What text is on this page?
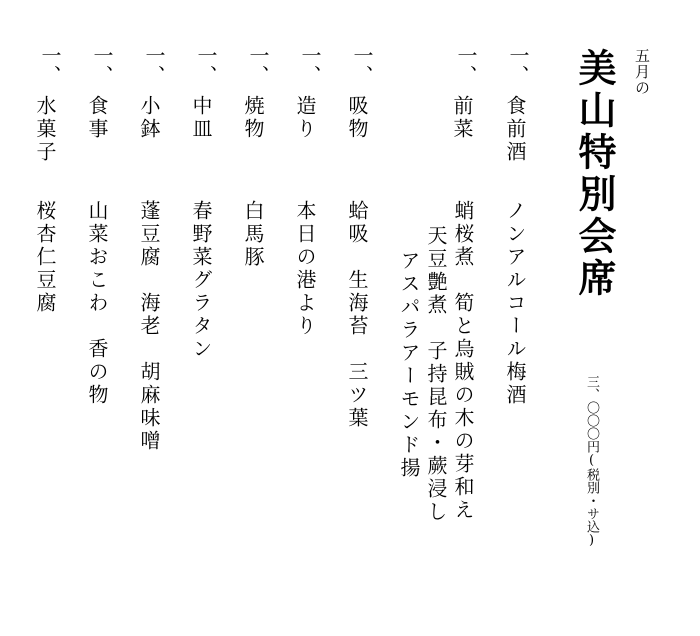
五月の
美山特別会席
三、〇〇〇円(税別・サ込)
一、
食前酒
ノンアルコール梅酒
一、
前菜
蛸桜煮　筍と烏賊の木の芽和え
天豆艶煮　子持昆布・蕨浸し
アスパラアーモンド揚
一、
吸物
蛤吸　生海苔　三ツ葉
一、
造り
本日の港より
一、
焼物
白馬豚
一、
中皿
春野菜グラタン
一、
小鉢
蓬豆腐　海老　胡麻味噌
一、
食事
山菜おこわ　香の物
一、
水菓子
桜杏仁豆腐
